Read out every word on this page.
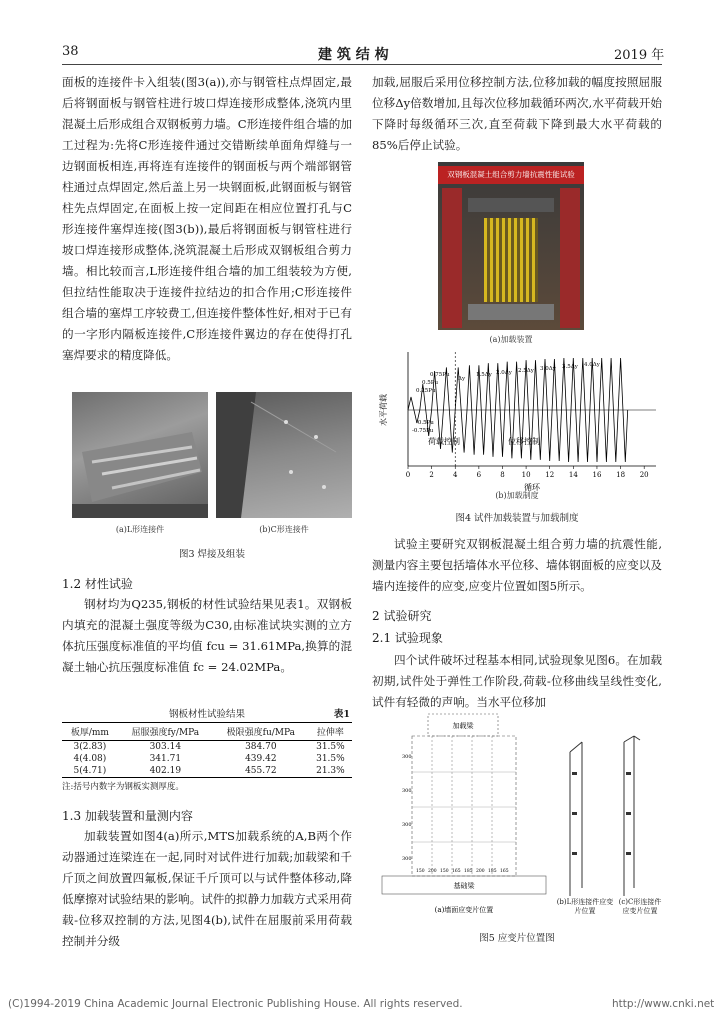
38	建 筑 结 构	2019 年

面板的连接件卡入组装(图3(a)),亦与钢管柱点焊固定,最后将钢面板与钢管柱进行坡口焊连接形成整体,浇筑内里混凝土后形成组合双钢板剪力墙。C形连接件组合墙的加工过程为:先将C形连接件通过交错断续单面角焊缝与一边钢面板相连,再将连有连接件的钢面板与两个端部钢管柱通过点焊固定,然后盖上另一块钢面板,此钢面板与钢管柱先点焊固定,在面板上按一定间距在相应位置打孔与C形连接件塞焊连接(图3(b)),最后将钢面板与钢管柱进行坡口焊连接形成整体,浇筑混凝土后形成双钢板组合剪力墙。相比较而言,L形连接件组合墙的加工组装较为方便,但拉结性能取决于连接件拉结边的扣合作用;C形连接件组合墙的塞焊工序较费工,但连接件整体性好,相对于已有的一字形内隔板连接件,C形连接件翼边的存在使得打孔塞焊要求的精度降低。

(a)L形连接件	(b)C形连接件
图3 焊接及组装

1.2 材性试验

钢材均为Q235,钢板的材性试验结果见表1。双钢板内填充的混凝土强度等级为C30,由标准试块实测的立方体抗压强度标准值的平均值 fcu = 31.61MPa,换算的混凝土轴心抗压强度标准值 fc = 24.02MPa。

钢板材性试验结果	表1
板厚/mm	屈服强度fy/MPa	极限强度fu/MPa	拉伸率
3(2.83)	303.14	384.70	31.5%
4(4.08)	341.71	439.42	31.5%
5(4.71)	402.19	455.72	21.3%
注:括号内数字为钢板实测厚度。

1.3 加载装置和量测内容

加载装置如图4(a)所示,MTS加载系统的A,B两个作动器通过连梁连在一起,同时对试件进行加载;加载梁和千斤顶之间放置四氟板,保证千斤顶可以与试件整体移动,降低摩擦对试验结果的影响。试件的拟静力加载方式采用荷载-位移双控制的方法,见图4(b),试件在屈服前采用荷载控制并分级

加载,屈服后采用位移控制方法,位移加载的幅度按照屈服位移Δy倍数增加,且每次位移加载循环两次,水平荷载开始下降时每级循环三次,直至荷载下降到最大水平荷载的85%后停止试验。

双钢板混凝土组合剪力墙抗震性能试验
(a)加载装置
水平荷载
荷载控制	位移控制
0.25Pu
0.5Pu
0.75Pu
-0.5Pu
-0.75Pu
Δy
1.5Δy 2.0Δy 2.5Δy 3.0Δy 3.5Δy 4.0Δy
0	2	4	6	8 10 12 14 16 18 20
循环
(b)加载制度
图4 试件加载装置与加载制度

试验主要研究双钢板混凝土组合剪力墙的抗震性能,测量内容主要包括墙体水平位移、墙体钢面板的应变以及墙内连接件的应变,应变片位置如图5所示。

2 试验研究

2.1 试验现象

四个试件破坏过程基本相同,试验现象见图6。在加载初期,试件处于弹性工作阶段,荷载-位移曲线呈线性变化,试件有轻微的声响。当水平位移加

加载梁
300
300
300
300
150 200 150 165 185 200 185 165
基础梁
(a)墙面应变片位置
(b)L形连接件应变片位置
(c)C形连接件应变片位置
图5 应变片位置图
(C)1994-2019 China Academic Journal Electronic Publishing House. All rights reserved.	http://www.cnki.net
